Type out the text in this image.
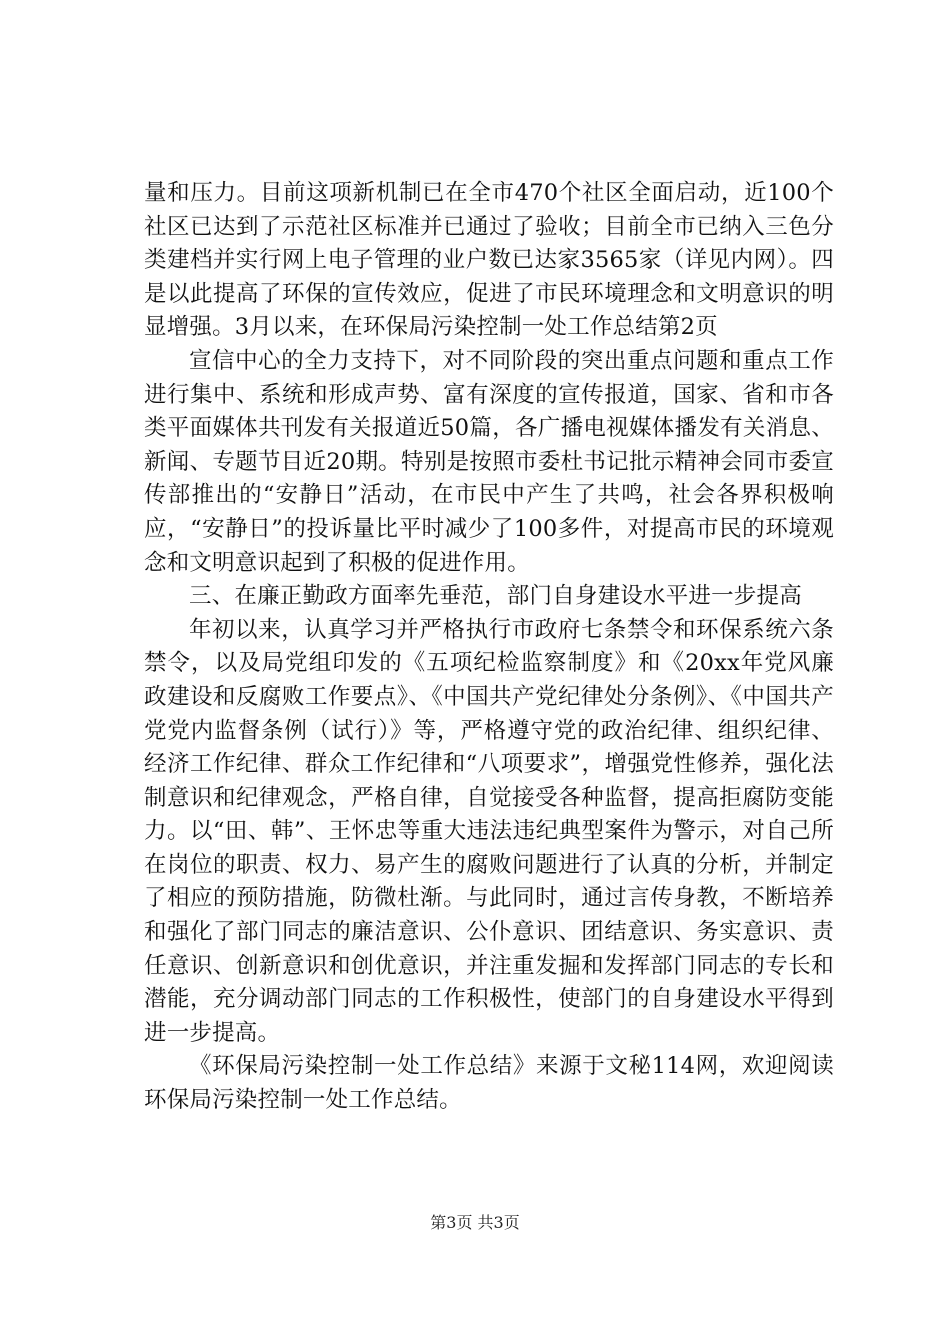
量和压力。目前这项新机制已在全市470个社区全面启动，近100个社区已达到了示范社区标准并已通过了验收；目前全市已纳入三色分类建档并实行网上电子管理的业户数已达家3565家（详见内网）。四是以此提高了环保的宣传效应，促进了市民环境理念和文明意识的明显增强。3月以来，在环保局污染控制一处工作总结第2页

宣信中心的全力支持下，对不同阶段的突出重点问题和重点工作进行集中、系统和形成声势、富有深度的宣传报道，国家、省和市各类平面媒体共刊发有关报道近50篇，各广播电视媒体播发有关消息、新闻、专题节目近20期。特别是按照市委杜书记批示精神会同市委宣传部推出的“安静日”活动，在市民中产生了共鸣，社会各界积极响应，“安静日”的投诉量比平时减少了100多件，对提高市民的环境观念和文明意识起到了积极的促进作用。

三、在廉正勤政方面率先垂范，部门自身建设水平进一步提高

年初以来，认真学习并严格执行市政府七条禁令和环保系统六条禁令，以及局党组印发的《五项纪检监察制度》和《20xx年党风廉政建设和反腐败工作要点》、《中国共产党纪律处分条例》、《中国共产党党内监督条例（试行）》等，严格遵守党的政治纪律、组织纪律、经济工作纪律、群众工作纪律和“八项要求”，增强党性修养，强化法制意识和纪律观念，严格自律，自觉接受各种监督，提高拒腐防变能力。以“田、韩”、王怀忠等重大违法违纪典型案件为警示，对自己所在岗位的职责、权力、易产生的腐败问题进行了认真的分析，并制定了相应的预防措施，防微杜渐。与此同时，通过言传身教，不断培养和强化了部门同志的廉洁意识、公仆意识、团结意识、务实意识、责任意识、创新意识和创优意识，并注重发掘和发挥部门同志的专长和潜能，充分调动部门同志的工作积极性，使部门的自身建设水平得到进一步提高。

《环保局污染控制一处工作总结》来源于文秘114网，欢迎阅读环保局污染控制一处工作总结。

第3页 共3页
